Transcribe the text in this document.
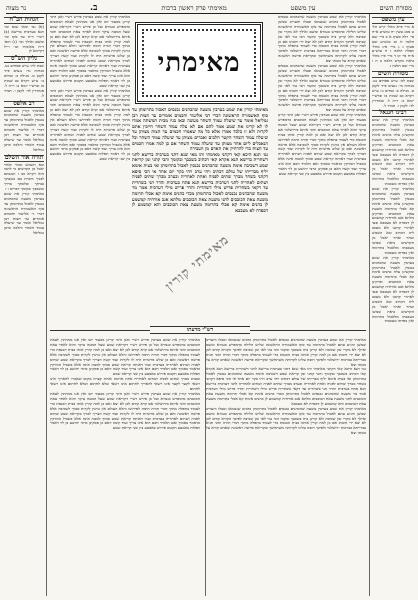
מסורת השים
עין משפט
מאימתי פרק ראשון ברכות
ב.
נר מצוה
עין משפט
א מיי׳ פ״א מהל׳ ק״ש הל׳ ט סמג עשין יח טוש״ע א״ח סי׳ רלה סעיף א ב מיי׳ שם הלכה ח וט טוש״ע שם סעיף ג ג מיי׳ פ״ג מהל׳ תפלה הלכה ז ח טוש״ע א״ח סי׳ קז ד מיי׳ פ״ו מהל׳ ביאת מקדש הלכה ב ה ו מיי׳ שם הלכה ג
מסורת השים
שבת לה: ע״ש פסחים נט. מנחות נד: נגעים פ״ד לקמן ט. מגילה כ: זבחים נו: ע״ש ויקרא כב שמות כז וברש״י יומא כ: ר״ה ל. סנהדרין לד: לקמן ו. תמיד ל.
רבינו חננאל
מאימתי קורין את שמע בערבין משעה שהכהנים נכנסין לאכול בתרומתן ומקשינן עלה כהנים אימת קא אכלי בתרומה משעת צאת הכוכבים ופרקינן מלתא אגב אורחיה קמשמע לן דכפרה לא מעכבא ובעי לאתויי קרבנו ולא מעכב ליה דכתיב ובא השמש וטהר ואחר יאכל מן הקדשים ביאת שמשו מעכבתו מלאכול בתרומה ואין כפרתו מעכבתו
מאימתי קורין את שמע בערבין משעה שהכהנים נכנסין לאכול בתרומתן ומקשינן עלה כהנים אימת קא אכלי בתרומה משעת צאת הכוכבים ופרקינן מלתא אגב אורחיה קמשמע לן דכפרה לא מעכבא ובעי לאתויי קרבנו ולא מעכב ליה דכתיב ובא השמש וטהר ואחר יאכל מן הקדשים ביאת שמשו מעכבתו מלאכול בתרומה ואין כפרתו מעכבתו
מאימתי קורין את שמע בערבין משעה שהכהנים נכנסין לאכול בתרומתן ומקשינן עלה כהנים אימת קא אכלי בתרומה משעת צאת הכוכבים ופרקינן מלתא אגב אורחיה קמשמע לן דכפרה לא מעכבא ובעי לאתויי קרבנו ולא מעכב ליה דכתיב ובא השמש וטהר ואחר יאכל מן הקדשים ביאת שמשו מעכבתו מלאכול בתרומה ואין כפרתו מעכבתו
מאימתי קורין את שמע בערבין משעה שהכהנים נכנסים לאכול בתרומתן כהנים שנטמאו וטבלו והעריב שמשן והגיע עתם לאכול בתרומה עד סוף האשמורה הראשונה שליש הלילה כדמפרש בגמרא ומשם ואילך לא מקרי זמן שכיבה ולא קרינן ביה בשכבך ומקמי הכי נמי לאו זמן שכיבה לפיכך הקורא קודם לכן לא יצא ידי חובתו אם כן למה קורין אותה בבית הכנסת כדי לעמוד בתפלה מתוך דברי תורה והכי תניא בברייתא בברכות ירושלמי ולפיכך חובה עלינו לקרותה משתחשך ובקריאת פרשה ראשונה שאדם קורא על מטתו יצא
מאימתי קורין את שמע בערבין משעה שהכהנים נכנסים לאכול בתרומתן כהנים שנטמאו וטבלו והעריב שמשן והגיע עתם לאכול בתרומה עד סוף האשמורה הראשונה שליש הלילה כדמפרש בגמרא ומשם ואילך לא מקרי זמן שכיבה ולא קרינן ביה בשכבך ומקמי הכי נמי לאו זמן שכיבה לפיכך הקורא קודם לכן לא יצא ידי חובתו אם כן למה קורין אותה בבית הכנסת כדי לעמוד בתפלה מתוך דברי תורה והכי תניא בברייתא בברכות ירושלמי ולפיכך חובה עלינו לקרותה משתחשך ובקריאת פרשה ראשונה שאדם קורא על מטתו יצא
מאימתי קורין את שמע בערבין פירש רש״י ואנן היכי קרינן מבעוד יום ואין אנו ממתינין לצאת הכוכבים כדמפרש בגמרא ועל כן פירש רש״י דקריאת שמע שעל המטה עיקר והוא לאחר צאת הכוכבים והכי איתא בירושלמי אם קרא קודם לכן לא יצא ואם כן למה קורין אותו בבית הכנסת כדי לעמוד בתפלה מתוך דברי תורה תימה לפירושו והלא העולם אין נוהגין לקרות סמוך לשכיבה אלא פרשה ראשונה ואם כן שלש פרשיות היה לו לקרות ועוד קשה דצריך לברך בקריאת שמע שתים לפניה ושתים לאחריה בערבית ועוד דאותה קריאת שמע סמוך למטה אינה אלא בשביל המזיקין כדאמר בסמוך ואם תלמיד חכם הוא אינו צריך ועוד קשה דאם כן פסקינן כרבי יהושע בן לוי דאמר תפלות באמצע תקנום פירוש באמצע בין שני קריאת שמע
מאימתי
מאימתי קורין את שמע בערבין משעה שהכהנים נכנסים לאכול בתרומתן עד סוף האשמורה הראשונה דברי רבי אליעזר וחכמים אומרים עד חצות רבן גמליאל אומר עד שיעלה עמוד השחר מעשה ובאו בניו מבית המשתה אמרו לו לא קרינו את שמע אמר להם אם לא עלה עמוד השחר חייבין אתם לקרות ולא זו בלבד אמרו אלא כל מה שאמרו חכמים עד חצות מצותן עד שיעלה עמוד השחר הקטר חלבים ואברים מצותן עד שיעלה עמוד השחר וכל הנאכלים ליום אחד מצותן עד שיעלה עמוד השחר אם כן למה אמרו חכמים עד חצות כדי להרחיק את האדם מן העבירה
גמ׳ תנא היכא קאי דקתני מאימתי ותו מאי שנא דתני בערבית ברישא לתני דשחרית ברישא תנא אקרא קאי דכתיב בשכבך ובקומך והכי קתני זמן קריאת שמע דשכיבה אימת משעה שהכהנים נכנסין לאכול בתרומתן ואי בעית אימא יליף מברייתו של עולם דכתיב ויהי ערב ויהי בקר יום אחד אי הכי סיפא דקתני בשחר מברך שתים לפניה ואחת לאחריה ובערב מברך שתים לפניה ושתים לאחריה לתני דערבית ברישא תנא פתח בערבית והדר תני בשחרית עד דקאי בשחרית פריש מילי דשחרית והדר פריש מילי דערבית אמר מר משעה שהכהנים נכנסים לאכול בתרומתן מכדי כהנים אימת קא אכלי תרומה משעת צאת הכוכבים לתני משעת צאת הכוכבים מלתא אגב אורחיה קמשמע לן כהנים אימת קא אכלי בתרומה משעת צאת הכוכבים והא קמשמע לן דכפרה לא מעכבא
מאימתי קורין
מאימתי קורין את שמע בערבין פירש רש״י ואנן היכי קרינן מבעוד יום ואין אנו ממתינין לצאת הכוכבים כדמפרש בגמרא ועל כן פירש רש״י דקריאת שמע שעל המטה עיקר והוא לאחר צאת הכוכבים והכי איתא בירושלמי אם קרא קודם לכן לא יצא ואם כן למה קורין אותו בבית הכנסת כדי לעמוד בתפלה מתוך דברי תורה תימה לפירושו והלא העולם אין נוהגין לקרות סמוך לשכיבה אלא פרשה ראשונה ואם כן שלש פרשיות היה לו לקרות ועוד קשה דצריך לברך בקריאת שמע שתים לפניה ושתים לאחריה בערבית ועוד דאותה קריאת שמע סמוך למטה אינה אלא בשביל המזיקין כדאמר בסמוך ואם תלמיד חכם הוא אינו צריך ועוד קשה דאם כן פסקינן כרבי יהושע בן לוי דאמר תפלות באמצע תקנום פירוש באמצע בין שני קריאת שמע
מאימתי קורין את שמע בערבין פירש רש״י ואנן היכי קרינן מבעוד יום ואין אנו ממתינין לצאת הכוכבים כדמפרש בגמרא ועל כן פירש רש״י דקריאת שמע שעל המטה עיקר והוא לאחר צאת הכוכבים והכי איתא בירושלמי אם קרא קודם לכן לא יצא ואם כן למה קורין אותו בבית הכנסת כדי לעמוד בתפלה מתוך דברי תורה תימה לפירושו והלא העולם אין נוהגין לקרות סמוך לשכיבה אלא פרשה ראשונה ואם כן שלש פרשיות היה לו לקרות ועוד קשה דצריך לברך בקריאת שמע שתים לפניה ושתים לאחריה בערבית ועוד דאותה קריאת שמע סמוך למטה אינה אלא בשביל המזיקין כדאמר בסמוך ואם תלמיד חכם הוא אינו צריך ועוד קשה דאם כן פסקינן כרבי יהושע בן לוי דאמר תפלות באמצע תקנום פירוש באמצע בין שני קריאת שמע
הגהות הב"ח
(א) גמ׳ ומאי שנא וכו׳ תנא בערבית ברישא (ב) רש״י ד״ה עד סוף וכו׳ ומשם ואילך וכו׳ (ג) תוס׳ ד״ה מאימתי וכו׳ וי״ל דקיימא לן
גליון הש"ס
שבת לה: ע״ש פסחים נט. מנחות נד: נגעים פ״ד לקמן ט. מגילה כ: זבחים נו: ע״ש ויקרא כב שמות כז וברש״י יומא כ: ר״ה ל. סנהדרין לד: לקמן ו. תמיד ל.
רב אלפס
מאימתי קורין את שמע בערבין משעה שהכהנים נכנסין לאכול בתרומתן עד סוף האשמורה הראשונה דברי ר׳ אליעזר וחכמים אומרים עד חצות רבן גמליאל אומר עד שיעלה עמוד השחר והלכה כרבן גמליאל
תורה אור השלם
ובא השמש וטהר ואחר יאכל מן הקדשים כי לחמו הוא ויקרא כב ז ושננתם לבניך ודברת בם בשבתך בביתך ובלכתך בדרך ובשכבך ובקומך דברים ו ז
מאימתי קורין את שמע בערבין משעה שהכהנים נכנסין לאכול בתרומתן עד סוף האשמורה הראשונה דברי ר׳ אליעזר וחכמים אומרים עד חצות רבן גמליאל אומר עד שיעלה עמוד השחר והלכה כרבן גמליאל
רש"י מדעתו
מאימתי קורין את שמע בערבין משעה שהכהנים נכנסים לאכול בתרומתן כהנים שנטמאו וטבלו והעריב שמשן והגיע עתם לאכול בתרומה עד סוף האשמורה הראשונה שליש הלילה כדמפרש בגמרא ומשם ואילך לא מקרי זמן שכיבה ולא קרינן ביה בשכבך ומקמי הכי נמי לאו זמן שכיבה לפיכך הקורא קודם לכן לא יצא ידי חובתו אם כן למה קורין אותה בבית הכנסת כדי לעמוד בתפלה מתוך דברי תורה והכי תניא בברייתא בברכות ירושלמי ולפיכך חובה עלינו לקרותה משתחשך ובקריאת פרשה ראשונה שאדם קורא על מטתו יצא
גמ׳ תנא היכא קאי דקתני מאימתי ותו מאי שנא דתני בערבית ברישא לתני דשחרית ברישא תנא אקרא קאי דכתיב בשכבך ובקומך והכי קתני זמן קריאת שמע דשכיבה אימת משעה שהכהנים נכנסין לאכול בתרומתן ואי בעית אימא יליף מברייתו של עולם דכתיב ויהי ערב ויהי בקר יום אחד אי הכי סיפא דקתני בשחר מברך שתים לפניה ואחת לאחריה ובערב מברך שתים לפניה ושתים לאחריה לתני דערבית ברישא תנא פתח בערבית והדר תני בשחרית עד דקאי בשחרית פריש מילי דשחרית והדר פריש מילי דערבית אמר מר משעה שהכהנים נכנסים לאכול בתרומתן מכדי כהנים אימת קא אכלי תרומה משעת צאת הכוכבים לתני משעת צאת הכוכבים מלתא אגב אורחיה קמשמע לן כהנים אימת קא אכלי בתרומה משעת צאת הכוכבים והא קמשמע לן דכפרה לא מעכבא
מאימתי קורין את שמע בערבין משעה שהכהנים נכנסים לאכול בתרומתן כהנים שנטמאו וטבלו והעריב שמשן והגיע עתם לאכול בתרומה עד סוף האשמורה הראשונה שליש הלילה כדמפרש בגמרא ומשם ואילך לא מקרי זמן שכיבה ולא קרינן ביה בשכבך ומקמי הכי נמי לאו זמן שכיבה לפיכך הקורא קודם לכן לא יצא ידי חובתו אם כן למה קורין אותה בבית הכנסת כדי לעמוד בתפלה מתוך דברי תורה והכי תניא בברייתא בברכות ירושלמי ולפיכך חובה עלינו לקרותה משתחשך ובקריאת פרשה ראשונה שאדם קורא על מטתו יצא
מאימתי קורין את שמע בערבין פירש רש״י ואנן היכי קרינן מבעוד יום ואין אנו ממתינין לצאת הכוכבים כדמפרש בגמרא ועל כן פירש רש״י דקריאת שמע שעל המטה עיקר והוא לאחר צאת הכוכבים והכי איתא בירושלמי אם קרא קודם לכן לא יצא ואם כן למה קורין אותו בבית הכנסת כדי לעמוד בתפלה מתוך דברי תורה תימה לפירושו והלא העולם אין נוהגין לקרות סמוך לשכיבה אלא פרשה ראשונה ואם כן שלש פרשיות היה לו לקרות ועוד קשה דצריך לברך בקריאת שמע שתים לפניה ושתים לאחריה בערבית ועוד דאותה קריאת שמע סמוך למטה אינה אלא בשביל המזיקין כדאמר בסמוך ואם תלמיד חכם הוא אינו צריך ועוד קשה דאם כן פסקינן כרבי יהושע בן לוי דאמר תפלות באמצע תקנום פירוש באמצע בין שני קריאת שמע
ובערב מברך שתים לפניה ושתים לאחריה אחת ארוכה ואחת קצרה מקום שאמרו להאריך אינו רשאי לקצר לקצר אינו רשאי להאריך לחתום אינו רשאי שלא לחתום ושלא לחתום אינו רשאי לחתום
מאימתי קורין את שמע בערבין פירש רש״י ואנן היכי קרינן מבעוד יום ואין אנו ממתינין לצאת הכוכבים כדמפרש בגמרא ועל כן פירש רש״י דקריאת שמע שעל המטה עיקר והוא לאחר צאת הכוכבים והכי איתא בירושלמי אם קרא קודם לכן לא יצא ואם כן למה קורין אותו בבית הכנסת כדי לעמוד בתפלה מתוך דברי תורה תימה לפירושו והלא העולם אין נוהגין לקרות סמוך לשכיבה אלא פרשה ראשונה ואם כן שלש פרשיות היה לו לקרות ועוד קשה דצריך לברך בקריאת שמע שתים לפניה ושתים לאחריה בערבית ועוד דאותה קריאת שמע סמוך למטה אינה אלא בשביל המזיקין כדאמר בסמוך ואם תלמיד חכם הוא אינו צריך ועוד קשה דאם כן פסקינן כרבי יהושע בן לוי דאמר תפלות באמצע תקנום פירוש באמצע בין שני קריאת שמע
